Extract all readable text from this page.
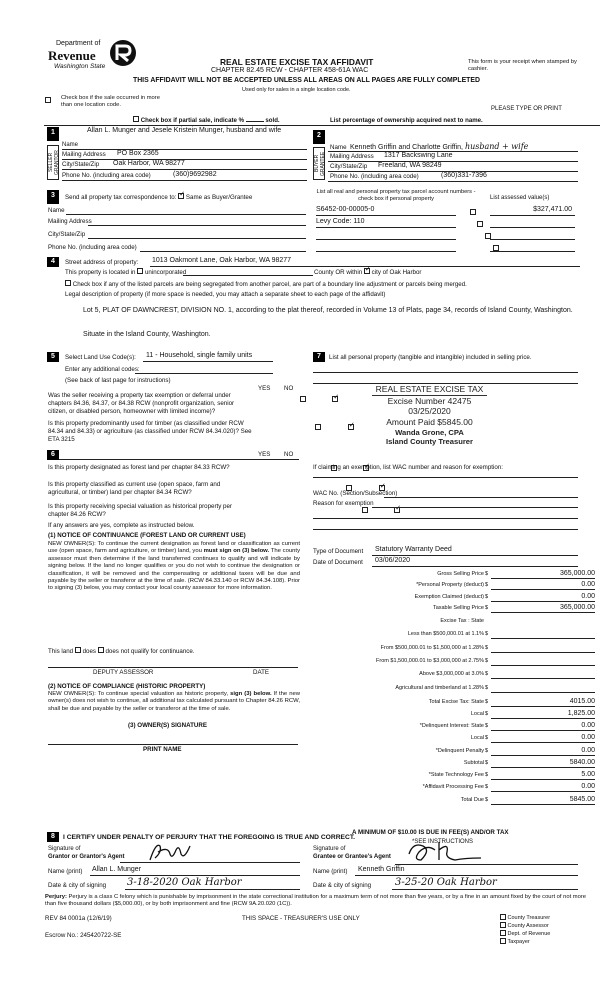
Department of
Revenue
Washington State	REAL ESTATE EXCISE TAX AFFIDAVIT
CHAPTER 82.45 RCW - CHAPTER 458-61A WAC
THIS AFFIDAVIT WILL NOT BE ACCEPTED UNLESS ALL AREAS ON ALL PAGES ARE FULLY COMPLETED
Used only for sales in a single location code.
This form is your receipt when stamped by cashier.

Check box if the sale occurred in more than one location code.
PLEASE TYPE OR PRINT
Check box if partial sale, indicate %	sold.	List percentage of ownership acquired next to name.
1
SELLER GRANTOR
Allan L. Munger and Jesele Kristein Munger, husband and wife
Name
Mailing Address PO Box 2365
City/State/Zip Oak Harbor, WA 98277
Phone No. (including area code)	(360)9692982
2
BUYER GRANTEE
Name Kenneth Griffin and Charlotte Griffin, husband + wife
Mailing Address 1317 Backswing Lane
City/State/Zip Freeland, WA 98249
Phone No. (including area code)	(360)331-7396
3	Send all property tax correspondence to: ✓ Same as Buyer/Grantee
Name
Mailing Address
City/State/Zip
Phone No. (including area code)
List all real and personal property tax parcel account numbers - check box if personal property	List assessed value(s)
S6452-00-00005-0
	$327,471.00
Levy Code: 110

4	Street address of property: 1013 Oakmont Lane, Oak Harbor, WA 98277
This property is located in unincorporated	County OR within ✓ city of Oak Harbor
Check box if any of the listed parcels are being segregated from another parcel, are part of a boundary line adjustment or parcels being merged.
Legal description of property (if more space is needed, you may attach a separate sheet to each page of the affidavit)
Lot 5, PLAT OF DAWNCREST, DIVISION NO. 1, according to the plat thereof, recorded in Volume 13 of Plats, page 34, records of Island County, Washington.
Situate in the Island County, Washington.
5	Select Land Use Code(s): 11 - Household, single family units
Enter any additional codes:
(See back of last page for instructions)
YES NO
Was the seller receiving a property tax exemption or deferral under chapters 84.36, 84.37, or 84.38 RCW (nonprofit organization, senior citizen, or disabled person, homeowner with limited income)?
✓
Is this property predominantly used for timber (as classified under RCW 84.34 and 84.33) or agriculture (as classified under RCW 84.34.020)? See ETA 3215
✓
6	YES NO
Is this property designated as forest land per chapter 84.33 RCW?
✓
Is this property classified as current use (open space, farm and agricultural, or timber) land per chapter 84.34 RCW?
✓
Is this property receiving special valuation as historical property per chapter 84.26 RCW?
✓
If any answers are yes, complete as instructed below.
(1) NOTICE OF CONTINUANCE (FOREST LAND OR CURRENT USE)
NEW OWNER(S): To continue the current designation as forest land or classification as current use (open space, farm and agriculture, or timber) land, you must sign on (3) below. The county assessor must then determine if the land transferred continues to qualify and will indicate by signing below. If the land no longer qualifies or you do not wish to continue the designation or classification, it will be removed and the compensating or additional taxes will be due and payable by the seller or transferor at the time of sale. (RCW 84.33.140 or RCW 84.34.108). Prior to signing (3) below, you may contact your local county assessor for more information.
This land does does not qualify for continuance.
DEPUTY ASSESSOR	DATE
(2) NOTICE OF COMPLIANCE (HISTORIC PROPERTY)
NEW OWNER(S): To continue special valuation as historic property, sign (3) below. If the new owner(s) does not wish to continue, all additional tax calculated pursuant to Chapter 84.26 RCW, shall be due and payable by the seller or transferor at the time of sale.
(3) OWNER(S) SIGNATURE
PRINT NAME
7	List all personal property (tangible and intangible) included in selling price.
REAL ESTATE EXCISE TAX
Excise Number 42475
03/25/2020
Amount Paid $5845.00
Wanda Grone, CPA
Island County Treasurer
If claiming an exemption, list WAC number and reason for exemption:
WAC No. (Section/Subsection)
Reason for exemption
Type of Document Statutory Warranty Deed
Date of Document 03/06/2020
Gross Selling Price $	365,000.00
*Personal Property (deduct) $	0.00
Exemption Claimed (deduct) $	0.00
Taxable Selling Price $	365,000.00
Excise Tax : State
Less than $500,000.01 at 1.1% $
From $500,000.01 to $1,500,000 at 1.28% $
From $1,500,000.01 to $3,000,000 at 2.75% $
Above $3,000,000 at 3.0% $
Agricultural and timberland at 1.28% $
Total Excise Tax: State $	4015.00
Local $	1,825.00
*Delinquent Interest: State $	0.00
Local $	0.00
*Delinquent Penalty $	0.00
Subtotal $	5840.00
*State Technology Fee $	5.00
*Affidavit Processing Fee $	0.00
Total Due $	5845.00
A MINIMUM OF $10.00 IS DUE IN FEE(S) AND/OR TAX
*SEE INSTRUCTIONS
8	I CERTIFY UNDER PENALTY OF PERJURY THAT THE FOREGOING IS TRUE AND CORRECT.
Signature of
Grantor or Grantor's Agent
Name (print) Allan L. Munger
Date & city of signing 3-18-2020 Oak Harbor
Signature of
Grantee or Grantee's Agent
Name (print) Kenneth Griffin
Date & city of signing 3-25-20 Oak Harbor
Perjury: Perjury is a class C felony which is punishable by imprisonment in the state correctional institution for a maximum term of not more than five years, or by a fine in an amount fixed by the court of not more than five thousand dollars ($5,000.00), or by both imprisonment and fine (RCW 9A.20.020 (1C)).
REV 84 0001a (12/6/19)	THIS SPACE - TREASURER'S USE ONLY
Escrow No.: 245420722-SE
County Treasurer
County Assessor
Dept. of Revenue
Taxpayer
